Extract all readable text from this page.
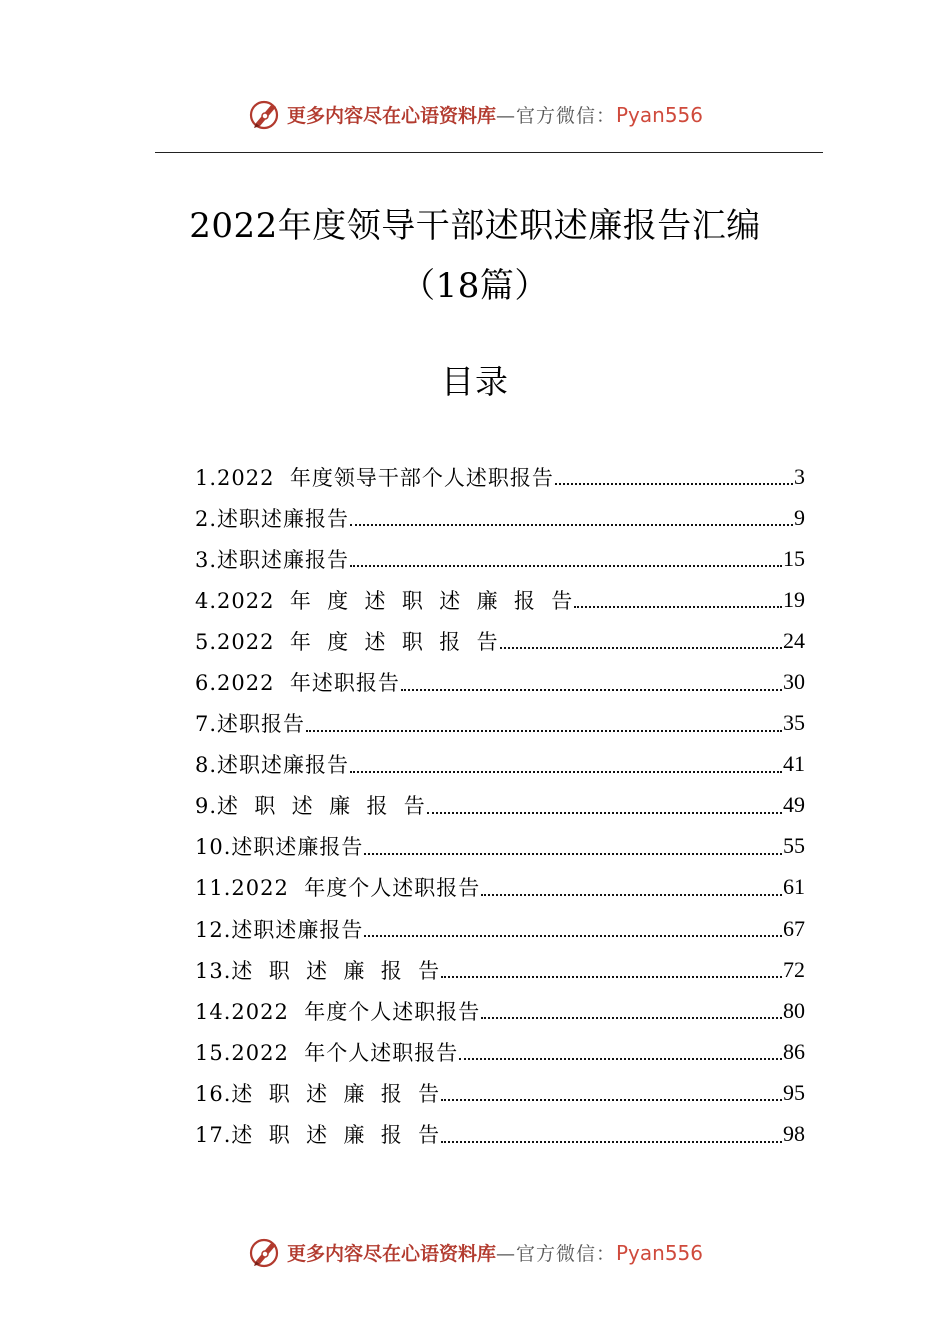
更多内容尽在心语资料库—官方微信：Pyan556
2022年度领导干部述职述廉报告汇编（18篇）
目录
1.2022  年度领导干部个人述职报告	3
2.述职述廉报告	9
3.述职述廉报告	15
4.2022  年  度  述  职  述  廉  报  告	19
5.2022  年  度  述  职  报  告	24
6.2022  年述职报告	30
7.述职报告	35
8.述职述廉报告	41
9.述  职  述  廉  报  告	49
10.述职述廉报告	55
11.2022  年度个人述职报告	61
12.述职述廉报告	67
13.述  职  述  廉  报  告	72
14.2022  年度个人述职报告	80
15.2022  年个人述职报告	86
16.述  职  述  廉  报  告	95
17.述  职  述  廉  报  告	98
更多内容尽在心语资料库—官方微信：Pyan556
